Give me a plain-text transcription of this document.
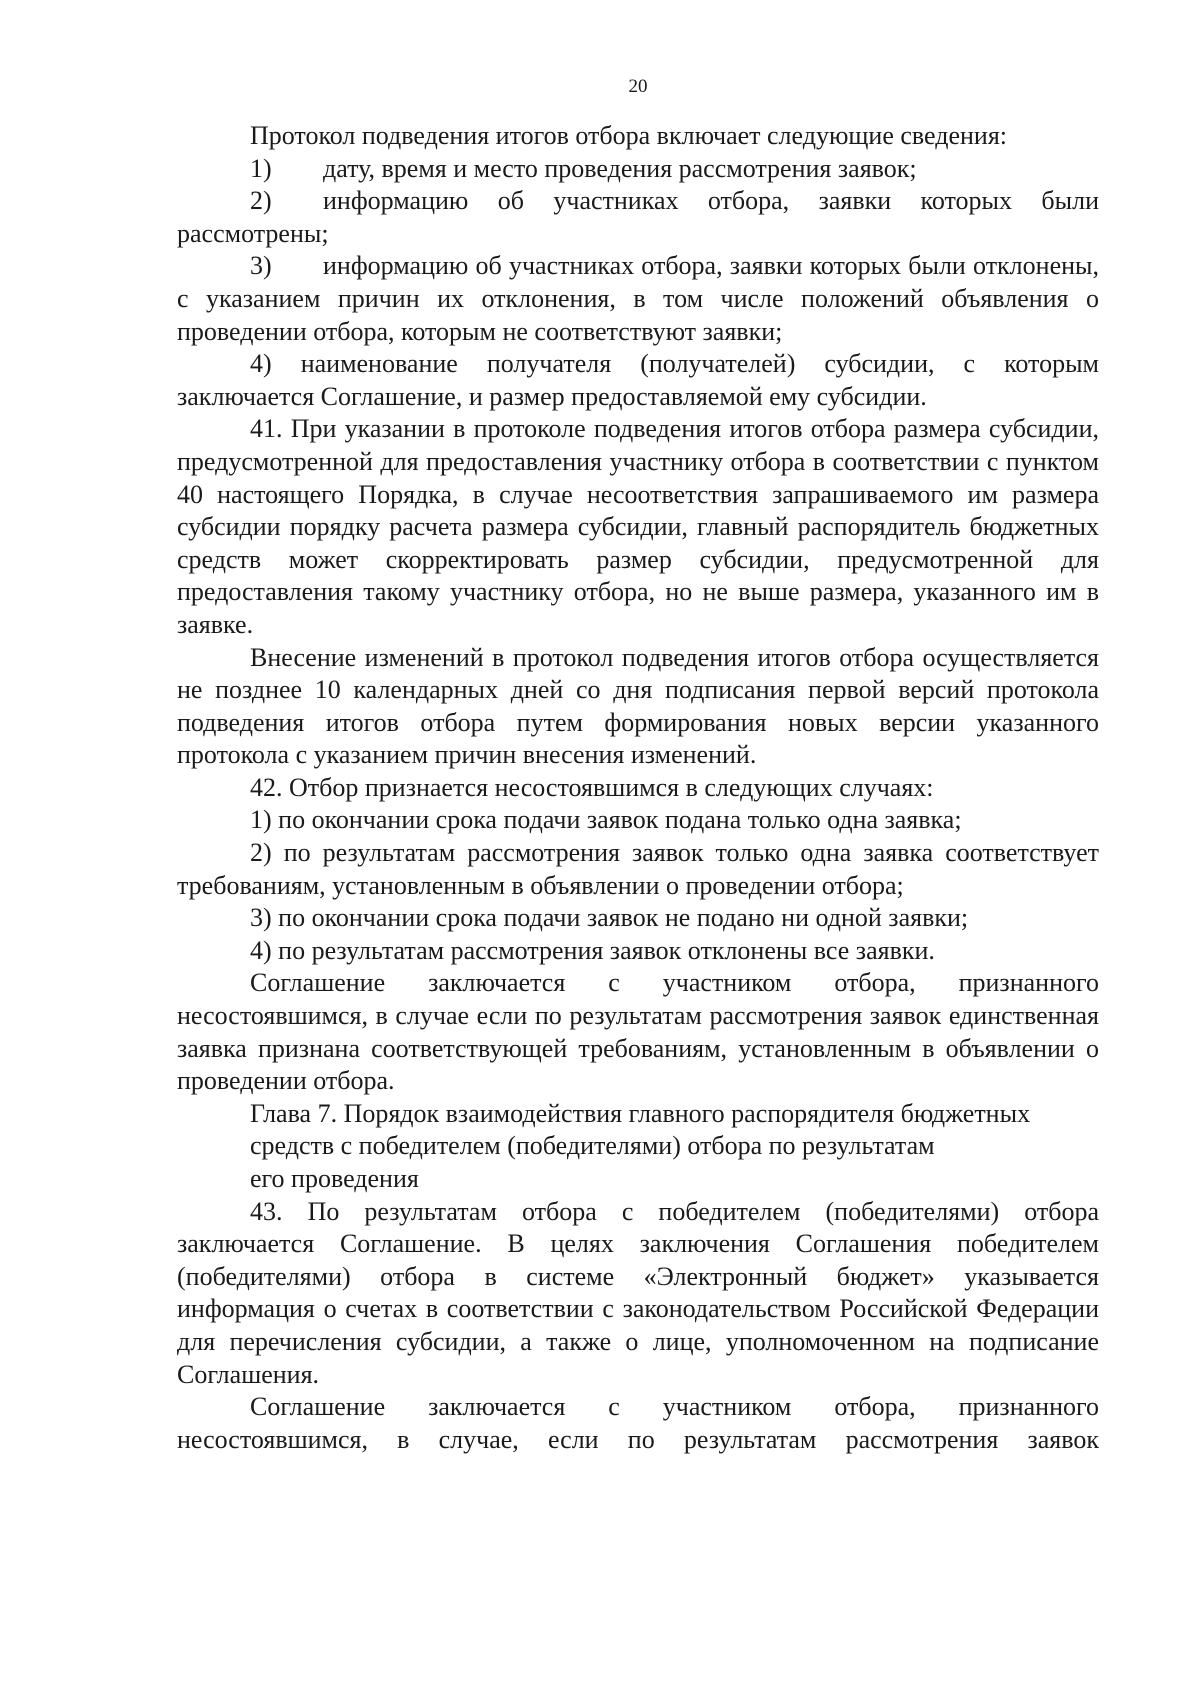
20

Протокол подведения итогов отбора включает следующие сведения:

1) дату, время и место проведения рассмотрения заявок;

2) информацию об участниках отбора, заявки которых были рассмотрены;

3) информацию об участниках отбора, заявки которых были отклонены, с указанием причин их отклонения, в том числе положений объявления о проведении отбора, которым не соответствуют заявки;

4) наименование получателя (получателей) субсидии, с которым заключается Соглашение, и размер предоставляемой ему субсидии.

41. При указании в протоколе подведения итогов отбора размера субсидии, предусмотренной для предоставления участнику отбора в соответствии с пунктом 40 настоящего Порядка, в случае несоответствия запрашиваемого им размера субсидии порядку расчета размера субсидии, главный распорядитель бюджетных средств может скорректировать размер субсидии, предусмотренной для предоставления такому участнику отбора, но не выше размера, указанного им в заявке.

Внесение изменений в протокол подведения итогов отбора осуществляется не позднее 10 календарных дней со дня подписания первой версий протокола подведения итогов отбора путем формирования новых версии указанного протокола с указанием причин внесения изменений.

42. Отбор признается несостоявшимся в следующих случаях:

1) по окончании срока подачи заявок подана только одна заявка;

2) по результатам рассмотрения заявок только одна заявка соответствует требованиям, установленным в объявлении о проведении отбора;

3) по окончании срока подачи заявок не подано ни одной заявки;

4) по результатам рассмотрения заявок отклонены все заявки.

Соглашение заключается с участником отбора, признанного несостоявшимся, в случае если по результатам рассмотрения заявок единственная заявка признана соответствующей требованиям, установленным в объявлении о проведении отбора.

Глава 7. Порядок взаимодействия главного распорядителя бюджетных
средств с победителем (победителями) отбора по результатам
его проведения

43. По результатам отбора с победителем (победителями) отбора заключается Соглашение. В целях заключения Соглашения победителем (победителями) отбора в системе «Электронный бюджет» указывается информация о счетах в соответствии с законодательством Российской Федерации для перечисления субсидии, а также о лице, уполномоченном на подписание Соглашения.

Соглашение заключается с участником отбора, признанного несостоявшимся, в случае, если по результатам рассмотрения заявок
